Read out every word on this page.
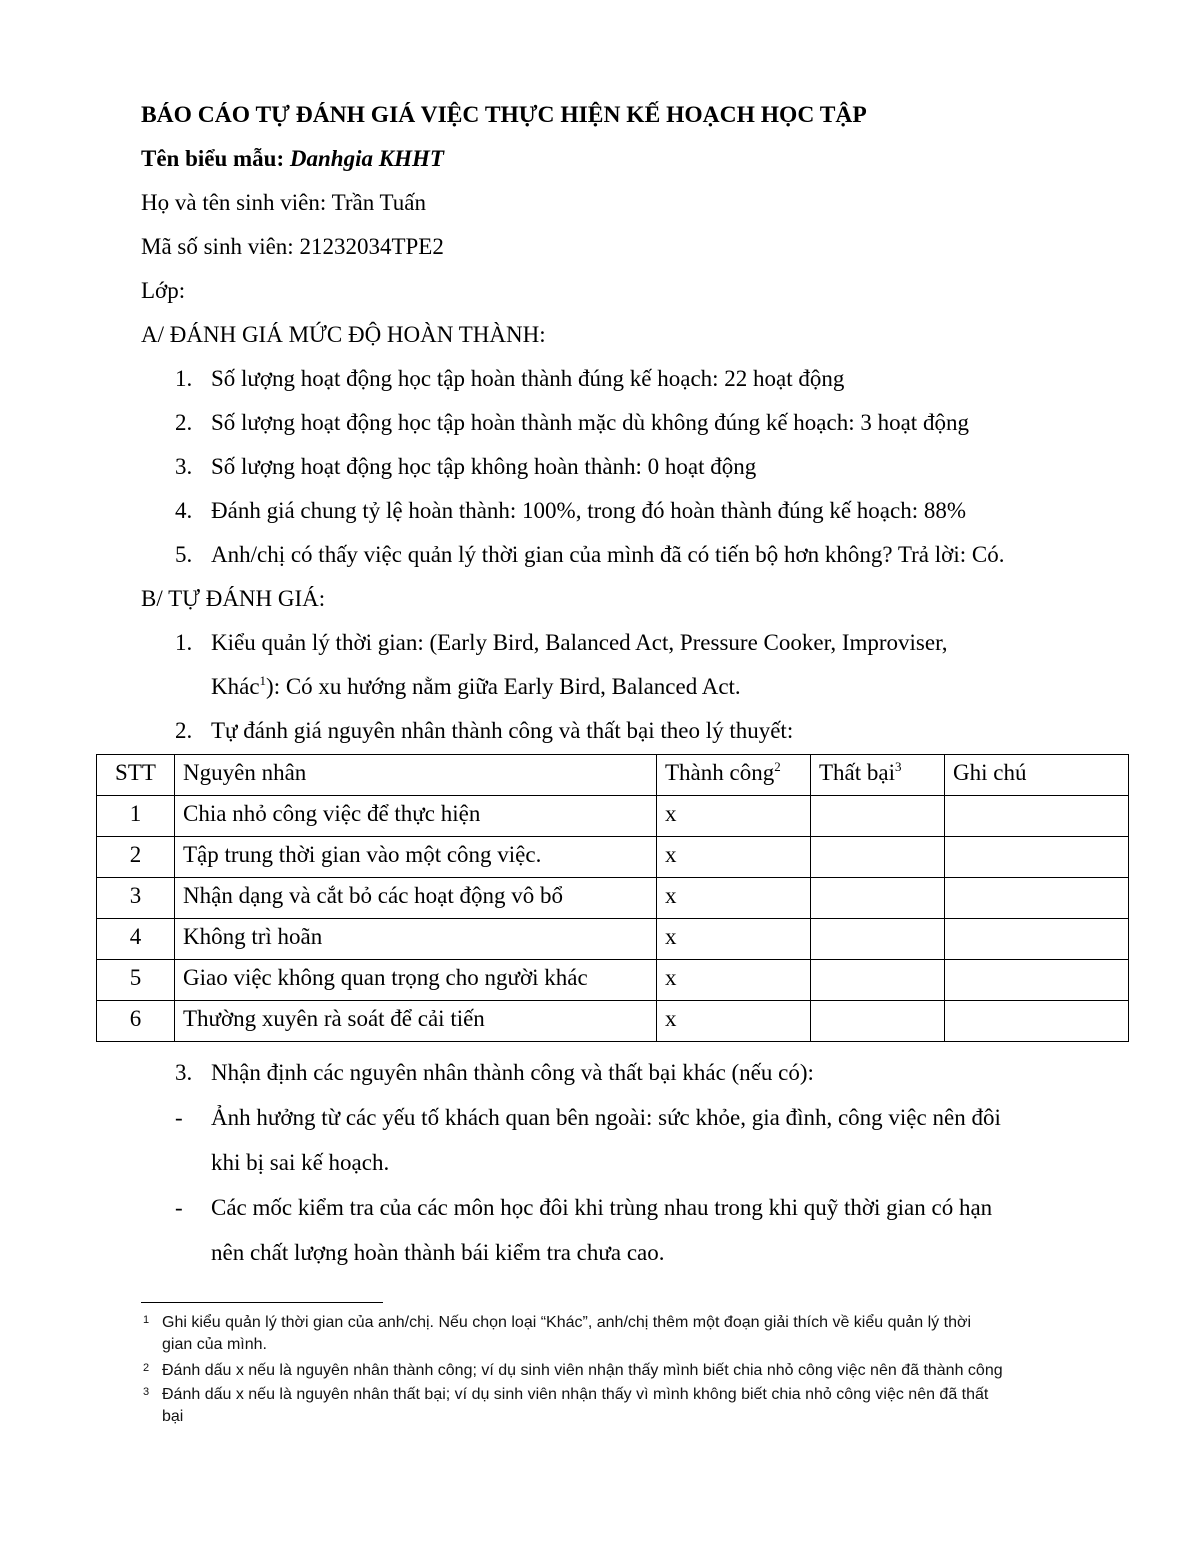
BÁO CÁO TỰ ĐÁNH GIÁ VIỆC THỰC HIỆN KẾ HOẠCH HỌC TẬP
Tên biểu mẫu: Danhgia KHHT
Họ và tên sinh viên: Trần Tuấn
Mã số sinh viên: 21232034TPE2
Lớp:
A/ ĐÁNH GIÁ MỨC ĐỘ HOÀN THÀNH:
1. Số lượng hoạt động học tập hoàn thành đúng kế hoạch: 22 hoạt động
2. Số lượng hoạt động học tập hoàn thành mặc dù không đúng kế hoạch: 3 hoạt động
3. Số lượng hoạt động học tập không hoàn thành: 0 hoạt động
4. Đánh giá chung tỷ lệ hoàn thành: 100%, trong đó hoàn thành đúng kế hoạch: 88%
5. Anh/chị có thấy việc quản lý thời gian của mình đã có tiến bộ hơn không? Trả lời: Có.
B/ TỰ ĐÁNH GIÁ:
1. Kiểu quản lý thời gian: (Early Bird, Balanced Act, Pressure Cooker, Improviser,
Khác$^1$): Có xu hướng nằm giữa Early Bird, Balanced Act.
2. Tự đánh giá nguyên nhân thành công và thất bại theo lý thuyết:
STT	Nguyên nhân	Thành công$^2$	Thất bại$^3$	Ghi chú
1	Chia nhỏ công việc để thực hiện	x		
2	Tập trung thời gian vào một công việc.	x		
3	Nhận dạng và cắt bỏ các hoạt động vô bổ	x		
4	Không trì hoãn	x		
5	Giao việc không quan trọng cho người khác	x		
6	Thường xuyên rà soát để cải tiến	x		
3. Nhận định các nguyên nhân thành công và thất bại khác (nếu có):
- Ảnh hưởng từ các yếu tố khách quan bên ngoài: sức khỏe, gia đình, công việc nên đôi
khi bị sai kế hoạch.
- Các mốc kiểm tra của các môn học đôi khi trùng nhau trong khi quỹ thời gian có hạn
nên chất lượng hoàn thành bái kiểm tra chưa cao.
1 Ghi kiểu quản lý thời gian của anh/chị. Nếu chọn loại “Khác”, anh/chị thêm một đoạn giải thích về kiểu quản lý thời
gian của mình.
2 Đánh dấu x nếu là nguyên nhân thành công; ví dụ sinh viên nhận thấy mình biết chia nhỏ công việc nên đã thành công
3 Đánh dấu x nếu là nguyên nhân thất bại; ví dụ sinh viên nhận thấy vì mình không biết chia nhỏ công việc nên đã thất
bại
